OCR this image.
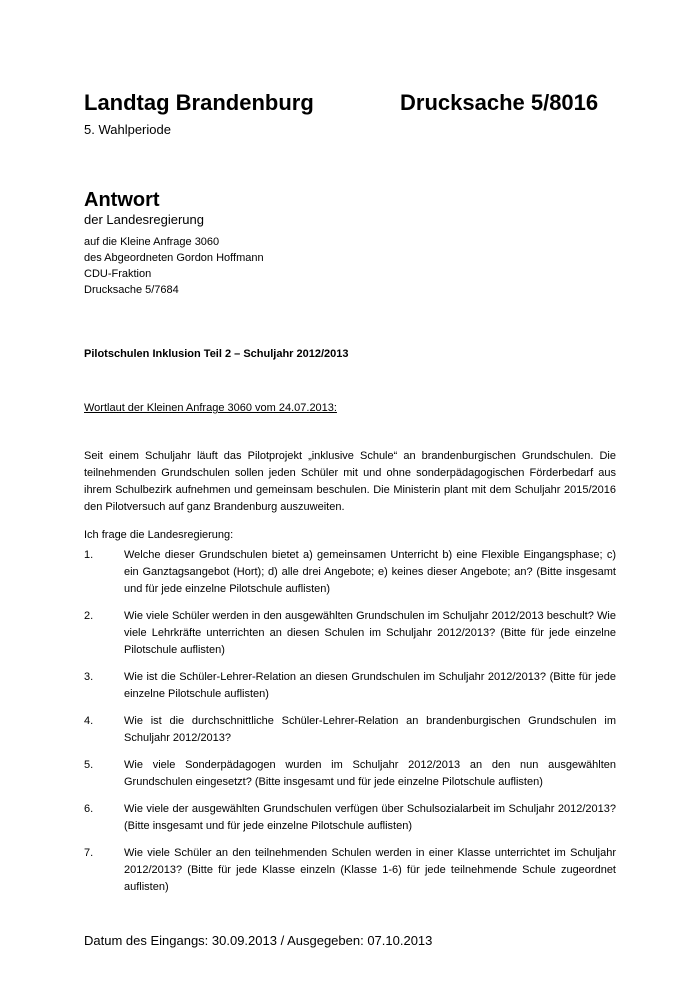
Landtag Brandenburg	Drucksache 5/8016
5. Wahlperiode
Antwort
der Landesregierung
auf die Kleine Anfrage 3060
des Abgeordneten Gordon Hoffmann
CDU-Fraktion
Drucksache 5/7684
Pilotschulen Inklusion Teil 2 – Schuljahr 2012/2013
Wortlaut der Kleinen Anfrage 3060 vom 24.07.2013:
Seit einem Schuljahr läuft das Pilotprojekt „inklusive Schule“ an brandenburgischen Grundschulen. Die teilnehmenden Grundschulen sollen jeden Schüler mit und ohne sonderpädagogischen Förderbedarf aus ihrem Schulbezirk aufnehmen und gemeinsam beschulen. Die Ministerin plant mit dem Schuljahr 2015/2016 den Pilotversuch auf ganz Brandenburg auszuweiten.
Ich frage die Landesregierung:
1.	Welche dieser Grundschulen bietet a) gemeinsamen Unterricht b) eine Flexible Eingangsphase; c) ein Ganztagsangebot (Hort); d) alle drei Angebote; e) keines dieser Angebote; an? (Bitte insgesamt und für jede einzelne Pilotschule auflisten)
2.	Wie viele Schüler werden in den ausgewählten Grundschulen im Schuljahr 2012/2013 beschult? Wie viele Lehrkräfte unterrichten an diesen Schulen im Schuljahr 2012/2013? (Bitte für jede einzelne Pilotschule auflisten)
3.	Wie ist die Schüler-Lehrer-Relation an diesen Grundschulen im Schuljahr 2012/2013? (Bitte für jede einzelne Pilotschule auflisten)
4.	Wie ist die durchschnittliche Schüler-Lehrer-Relation an brandenburgischen Grundschulen im Schuljahr 2012/2013?
5.	Wie viele Sonderpädagogen wurden im Schuljahr 2012/2013 an den nun ausgewählten Grundschulen eingesetzt? (Bitte insgesamt und für jede einzelne Pilotschule auflisten)
6.	Wie viele der ausgewählten Grundschulen verfügen über Schulsozialarbeit im Schuljahr 2012/2013? (Bitte insgesamt und für jede einzelne Pilotschule auflisten)
7.	Wie viele Schüler an den teilnehmenden Schulen werden in einer Klasse unterrichtet im Schuljahr 2012/2013? (Bitte für jede Klasse einzeln (Klasse 1-6) für jede teilnehmende Schule zugeordnet auflisten)
Datum des Eingangs: 30.09.2013 / Ausgegeben: 07.10.2013
